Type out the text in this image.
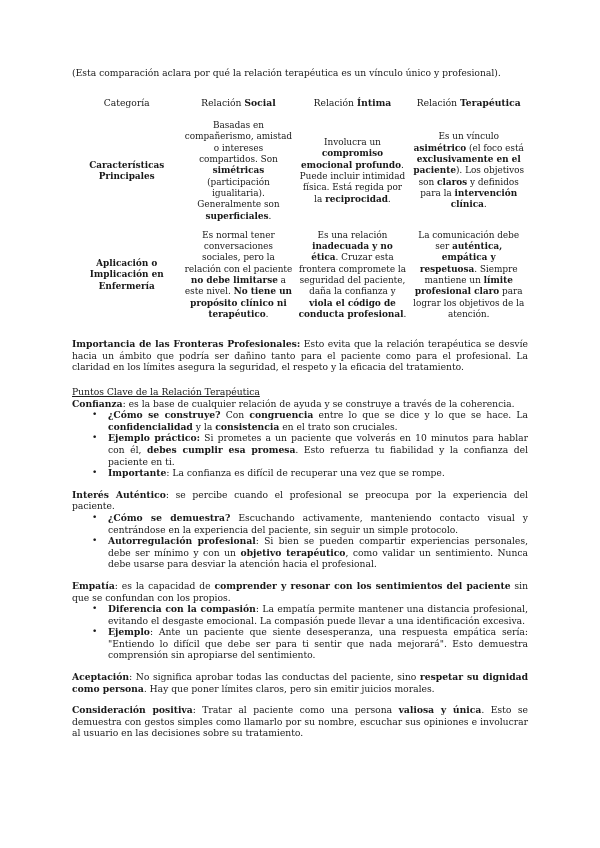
(Esta comparación aclara por qué la relación terapéutica es un vínculo único y profesional).

Categoría	Relación Social	Relación Íntima	Relación Terapéutica
Características Principales	Basadas en compañerismo, amistad o intereses compartidos. Son simétricas (participación igualitaria). Generalmente son superficiales.	Involucra un compromiso emocional profundo. Puede incluir intimidad física. Está regida por la reciprocidad.	Es un vínculo asimétrico (el foco está exclusivamente en el paciente). Los objetivos son claros y definidos para la intervención clínica.
Aplicación o Implicación en Enfermería	Es normal tener conversaciones sociales, pero la relación con el paciente no debe limitarse a este nivel. No tiene un propósito clínico ni terapéutico.	Es una relación inadecuada y no ética. Cruzar esta frontera compromete la seguridad del paciente, daña la confianza y viola el código de conducta profesional.	La comunicación debe ser auténtica, empática y respetuosa. Siempre mantiene un límite profesional claro para lograr los objetivos de la atención.

Importancia de las Fronteras Profesionales: Esto evita que la relación terapéutica se desvíe hacia un ámbito que podría ser dañino tanto para el paciente como para el profesional. La claridad en los límites asegura la seguridad, el respeto y la eficacia del tratamiento.

Puntos Clave de la Relación Terapéutica

Confianza: es la base de cualquier relación de ayuda y se construye a través de la coherencia.

• ¿Cómo se construye? Con congruencia entre lo que se dice y lo que se hace. La confidencialidad y la consistencia en el trato son cruciales.
• Ejemplo práctico: Si prometes a un paciente que volverás en 10 minutos para hablar con él, debes cumplir esa promesa. Esto refuerza tu fiabilidad y la confianza del paciente en ti.
• Importante: La confianza es difícil de recuperar una vez que se rompe.

Interés Auténtico: se percibe cuando el profesional se preocupa por la experiencia del paciente.

• ¿Cómo se demuestra? Escuchando activamente, manteniendo contacto visual y centrándose en la experiencia del paciente, sin seguir un simple protocolo.
• Autorregulación profesional: Si bien se pueden compartir experiencias personales, debe ser mínimo y con un objetivo terapéutico, como validar un sentimiento. Nunca debe usarse para desviar la atención hacia el profesional.

Empatía: es la capacidad de comprender y resonar con los sentimientos del paciente sin que se confundan con los propios.

• Diferencia con la compasión: La empatía permite mantener una distancia profesional, evitando el desgaste emocional. La compasión puede llevar a una identificación excesiva.
• Ejemplo: Ante un paciente que siente desesperanza, una respuesta empática sería: "Entiendo lo difícil que debe ser para ti sentir que nada mejorará". Esto demuestra comprensión sin apropiarse del sentimiento.

Aceptación: No significa aprobar todas las conductas del paciente, sino respetar su dignidad como persona. Hay que poner límites claros, pero sin emitir juicios morales.

Consideración positiva: Tratar al paciente como una persona valiosa y única. Esto se demuestra con gestos simples como llamarlo por su nombre, escuchar sus opiniones e involucrar al usuario en las decisiones sobre su tratamiento.
